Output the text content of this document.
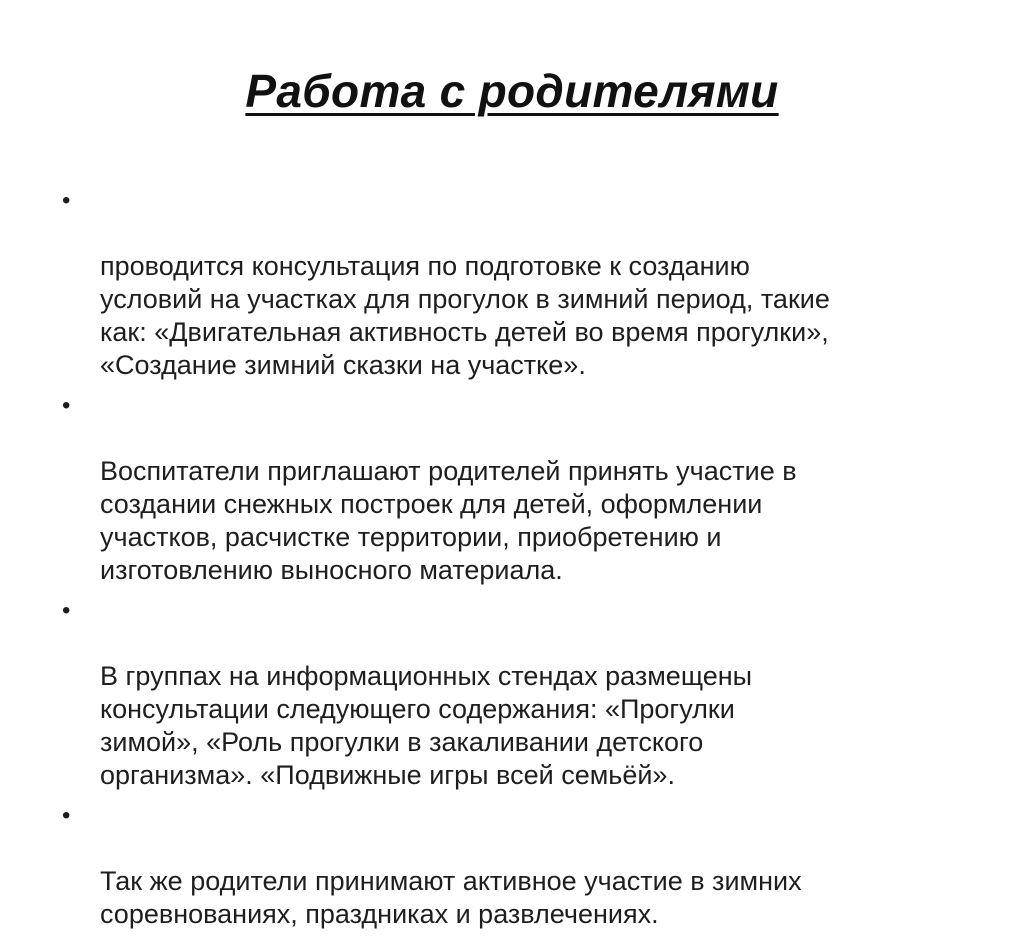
Работа с родителями

•

проводится консультация по подготовке к созданию
условий на участках для прогулок в зимний период, такие
как: «Двигательная активность детей во время прогулки»,
«Создание зимний сказки на участке».

•

Воспитатели приглашают родителей принять участие в
создании снежных построек для детей, оформлении
участков, расчистке территории, приобретению и
изготовлению выносного материала.

•

В группах на информационных стендах размещены
консультации следующего содержания: «Прогулки
зимой», «Роль прогулки в закаливании детского
организма». «Подвижные игры всей семьёй».

•

Так же родители принимают активное участие в зимних
соревнованиях, праздниках и развлечениях.
